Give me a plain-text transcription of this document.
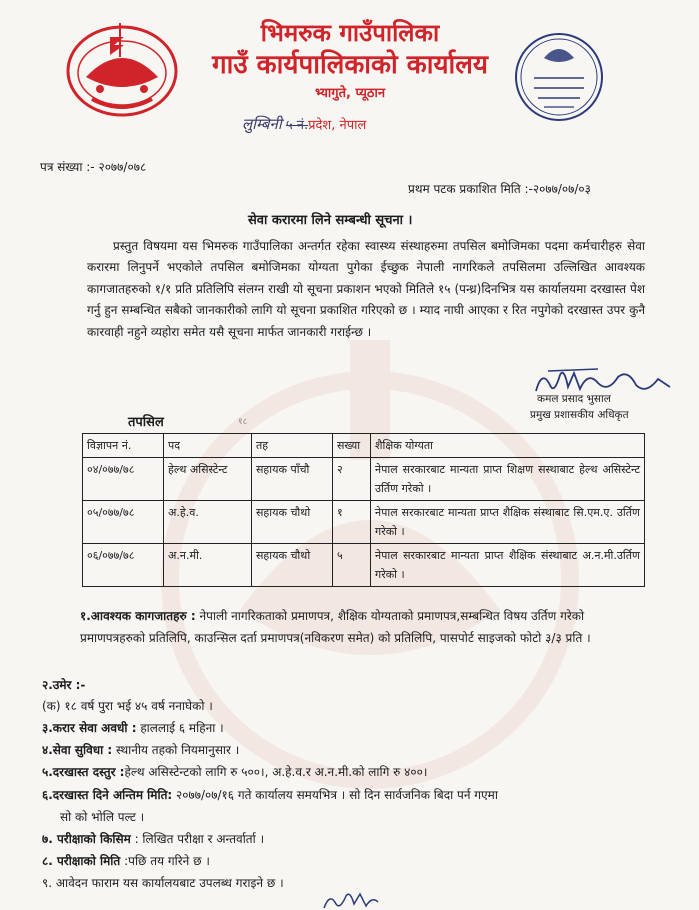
भिमरुक गाउँपालिका
गाउँ कार्यपालिकाको कार्यालय
भ्यागुते, प्यूठान
लुम्बिनी ५ नं.प्रदेश, नेपाल
पत्र संख्या :- २०७७/०७८
प्रथम पटक प्रकाशित मिति :-२०७७/०७/०३
सेवा करारमा लिने सम्बन्धी सूचना ।
प्रस्तुत विषयमा यस भिमरुक गाउँपालिका अन्तर्गत रहेका स्वास्थ्य संस्थाहरुमा तपसिल बमोजिमका पदमा कर्मचारीहरु सेवा करारमा लिनुपर्ने भएकोले तपसिल बमोजिमका योग्यता पुगेका ईच्छुक नेपाली नागरिकले तपसिलमा उल्लिखित आवश्यक कागजातहरुको १/१ प्रति प्रतिलिपि संलग्न राखी यो सूचना प्रकाशन भएको मितिले १५ (पन्ध्र)दिनभित्र यस कार्यालयमा दरखास्त पेश गर्नु हुन सम्बन्धित सबैको जानकारीको लागि यो सूचना प्रकाशित गरिएको छ । म्याद नाघी आएका र रित नपुगेको दरखास्त उपर कुनै कारवाही नहुने व्यहोरा समेत यसै सूचना मार्फत जानकारी गराईन्छ ।
कमल प्रसाद भुसाल
प्रमुख प्रशासकीय अधिकृत
१८
तपसिल
विज्ञापन नं.	पद	तह	सख्या	शैक्षिक योग्यता
०४/०७७/७८	हेल्थ असिस्टेन्ट	सहायक पाँचौ	२	नेपाल सरकारबाट मान्यता प्राप्त शिक्षण सस्थाबाट हेल्थ असिस्टेन्ट उर्तिण गरेको ।
०५/०७७/७८	अ.हे.व.	सहायक चौथो	१	नेपाल सरकारबाट मान्यता प्राप्त शैक्षिक संस्थाबाट सि.एम.ए. उर्तिण गरेको ।
०६/०७७/७८	अ.न.मी.	सहायक चौथो	५	नेपाल सरकारबाट मान्यता प्राप्त शैक्षिक संस्थाबाट अ.न.मी.उर्तिण गरेको ।
१.आवश्यक कागजातहरु : नेपाली नागरिकताको प्रमाणपत्र, शैक्षिक योग्यताको प्रमाणपत्र,सम्बन्धित विषय उर्तिण गरेको प्रमाणपत्रहरुको प्रतिलिपि, काउन्सिल दर्ता प्रमाणपत्र(नविकरण समेत) को प्रतिलिपि, पासपोर्ट साइजको फोटो ३/३ प्रति ।
२.उमेर :-
(क) १८ वर्ष पुरा भई ४५ वर्ष ननाघेको ।
३.करार सेवा अवधी : हाललाई ६ महिना ।
४.सेवा सुविधा : स्थानीय तहको नियमानुसार ।
५.दरखास्त दस्तुर :हेल्थ असिस्टेन्टको लागि रु ५००।, अ.हे.व.र अ.न.मी.को लागि रु ४००।
६.दरखास्त दिने अन्तिम मिति: २०७७/०७/१६ गते कार्यालय समयभित्र । सो दिन सार्वजनिक बिदा पर्न गएमा
सो को भोलि पल्ट ।
७. परीक्षाको किसिम : लिखित परीक्षा र अन्तर्वार्ता ।
८. परीक्षाको मिति :पछि तय गरिने छ ।
९. आवेदन फाराम यस कार्यालयबाट उपलब्ध गराइने छ ।
